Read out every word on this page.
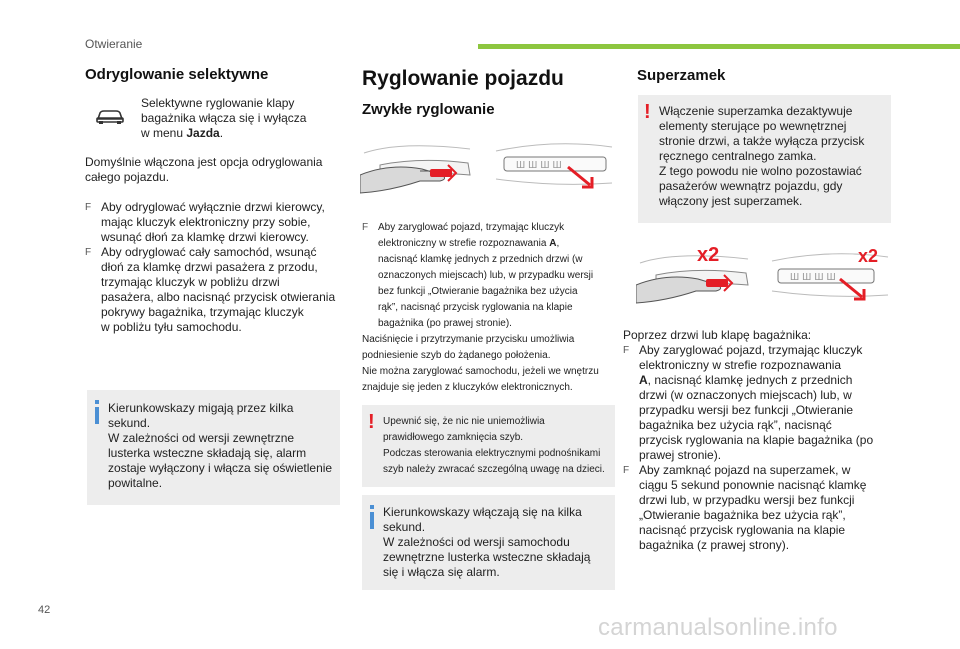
Otwieranie
42
carmanualsonline.info
Odryglowanie selektywne
Selektywne ryglowanie klapy
bagażnika włącza się i wyłącza
w menu Jazda.
Domyślnie włączona jest opcja odryglowania
całego pojazdu.
F Aby odryglować wyłącznie drzwi kierowcy,
mając kluczyk elektroniczny przy sobie,
wsunąć dłoń za klamkę drzwi kierowcy.
F Aby odryglować cały samochód, wsunąć
dłoń za klamkę drzwi pasażera z przodu,
trzymając kluczyk w pobliżu drzwi
pasażera, albo nacisnąć przycisk otwierania
pokrywy bagażnika, trzymając kluczyk
w pobliżu tyłu samochodu.
Kierunkowskazy migają przez kilka
sekund.
W zależności od wersji zewnętrzne
lusterka wsteczne składają się, alarm
zostaje wyłączony i włącza się oświetlenie
powitalne.
Ryglowanie pojazdu
Zwykłe ryglowanie
ШШШШ
F Aby zaryglować pojazd, trzymając kluczyk
elektroniczny w strefie rozpoznawania A,
nacisnąć klamkę jednych z przednich drzwi (w
oznaczonych miejscach) lub, w przypadku wersji
bez funkcji „Otwieranie bagażnika bez użycia
rąk”, nacisnąć przycisk ryglowania na klapie
bagażnika (po prawej stronie).
Naciśnięcie i przytrzymanie przycisku umożliwia
podniesienie szyb do żądanego położenia.
Nie można zaryglować samochodu, jeżeli we wnętrzu
znajduje się jeden z kluczyków elektronicznych.
! Upewnić się, że nic nie uniemożliwia
prawidłowego zamknięcia szyb.
Podczas sterowania elektrycznymi podnośnikami
szyb należy zwracać szczególną uwagę na dzieci.
Kierunkowskazy włączają się na kilka
sekund.
W zależności od wersji samochodu
zewnętrzne lusterka wsteczne składają
się i włącza się alarm.
Superzamek
! Włączenie superzamka dezaktywuje
elementy sterujące po wewnętrznej
stronie drzwi, a także wyłącza przycisk
ręcznego centralnego zamka.
Z tego powodu nie wolno pozostawiać
pasażerów wewnątrz pojazdu, gdy
włączony jest superzamek.
x2
ШШШШ
x2
Poprzez drzwi lub klapę bagażnika:
F Aby zaryglować pojazd, trzymając kluczyk
elektroniczny w strefie rozpoznawania
A, nacisnąć klamkę jednych z przednich
drzwi (w oznaczonych miejscach) lub, w
przypadku wersji bez funkcji „Otwieranie
bagażnika bez użycia rąk”, nacisnąć
przycisk ryglowania na klapie bagażnika (po
prawej stronie).
F Aby zamknąć pojazd na superzamek, w
ciągu 5 sekund ponownie nacisnąć klamkę
drzwi lub, w przypadku wersji bez funkcji
„Otwieranie bagażnika bez użycia rąk”,
nacisnąć przycisk ryglowania na klapie
bagażnika (z prawej strony).
